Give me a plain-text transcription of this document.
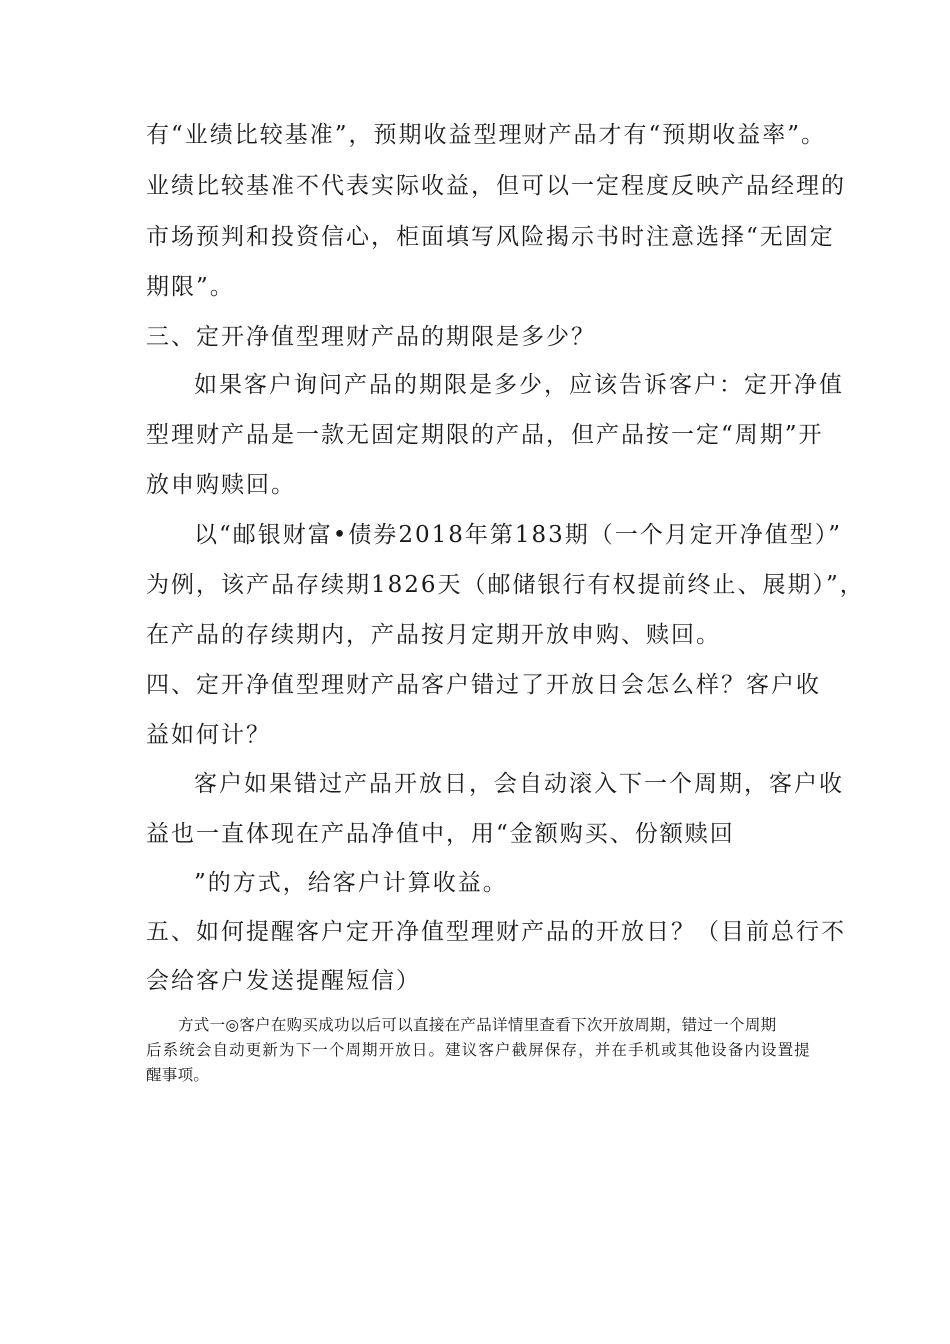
有“业绩比较基准”，预期收益型理财产品才有“预期收益率”。
业绩比较基准不代表实际收益，但可以一定程度反映产品经理的
市场预判和投资信心，柜面填写风险揭示书时注意选择“无固定
期限”。
三、定开净值型理财产品的期限是多少？
如果客户询问产品的期限是多少，应该告诉客户：定开净值
型理财产品是一款无固定期限的产品，但产品按一定“周期”开
放申购赎回。
以“邮银财富•债券2018年第183期（一个月定开净值型）”
为例，该产品存续期1826天（邮储银行有权提前终止、展期）”，
在产品的存续期内，产品按月定期开放申购、赎回。
四、定开净值型理财产品客户错过了开放日会怎么样？客户收
益如何计？
客户如果错过产品开放日，会自动滚入下一个周期，客户收
益也一直体现在产品净值中，用“金额购买、份额赎回
”的方式，给客户计算收益。
五、如何提醒客户定开净值型理财产品的开放日？（目前总行不
会给客户发送提醒短信）
方式一◎客户在购买成功以后可以直接在产品详情里查看下次开放周期，错过一个周期
后系统会自动更新为下一个周期开放日。建议客户截屏保存，并在手机或其他设备内设置提
醒事项。
